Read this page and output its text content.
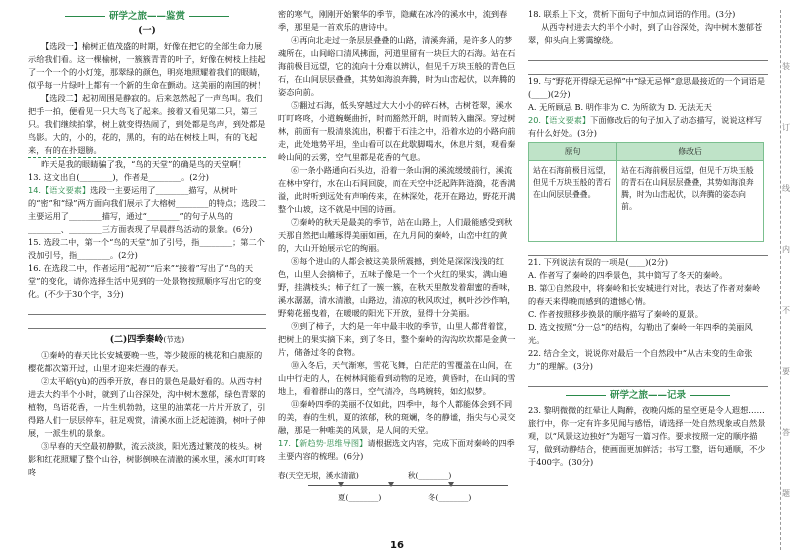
研学之旅——鉴赏
(一)

【选段一】榆树正值茂盛的时期，好像在把它的全部生命力展示给我们看。这一棵榆树，一簇簇青青的叶子，好像在树枝上挂起了一个一个的小灯笼，那翠绿的颜色，明亮地照耀着我们的眼睛，似乎每一片绿叶上都有一个新的生命在颤动。这美丽的南国的树！

【选段二】起初周围是静寂的。后来忽然起了一声鸟叫。我们把手一拍，便看见一只大鸟飞了起来。接着又看见第二只，第三只。我们继续拍掌，树上就变得热闹了，到处都是鸟声，到处都是鸟影。大的，小的，花的，黑的，有的站在树枝上叫，有的飞起来，有的在扑翅膀。

昨天是我的眼睛骗了我，“鸟的天堂”的确是鸟的天堂啊！

13. 这文出自(________)，作者是________。(2分)

14.【语文要素】选段一主要运用了________描写，从树叶的“密”和“绿”两方面向我们展示了大榕树________的特点；选段二主要运用了________描写，通过“________”的句子从鸟的________、________三方面表现了早晨群鸟活动的景象。(6分)

15. 选段二中，第一个“鸟的天堂”加了引号，指________；第二个没加引号，指________。(2分)

16. 在选段二中，作者运用“起初”“后来”“接着”写出了“鸟的天堂”的变化，请你选择生活中见到的一处景物按照顺序写出它的变化。(不少于30个字，3分)

(二)四季秦岭(节选)

①秦岭的春天比长安城要晚一些，等少陵原的桃花和白鹿原的樱花都次第开过，山里才迎来烂漫的春天。

②太平峪(yù)的西季开放，春日的景色是最好看的。从西寺村进去大约半个小时，就到了山谷深处，沟中树木葱郁，绿色青翠的植物，鸟语花香，一片生机勃勃，这里的油菜花一片片开放了，引得路人们一层层停车，驻足观赏，清溪水面上泛起涟漪，树叶子伸展，一派生机的景象。

③早春的天空最初静默，流云淡淡，阳光透过繁茂的枝头。树影和红花照耀了整个山谷，树影倒映在清澈的溪水里，溪水叮叮咚咚

密的寒气，刚刚开始繁华的季节，隐藏在冰冷的溪水中，流到春季，那里是一首欢乐的唐诗中。

④再向北走过一条层层叠叠的山路，清溪奔涌，是许多人的梦魂所在，山间峪口清风拂面，河道里留有一块巨大的石海。站在石海前极目远望，它的流向十分难以辨认，但见千万块玉般的青色巨石，在山间层层叠叠，其势如海浪奔腾，时为山峦起伏，以奔腾的姿态向前。

⑤翻过石海，低头穿越过大大小小的碎石林，古树苍翠，溪水叮叮咚咚，小道蜿蜒曲折，时而豁然开朗，时而转入幽深。穿过树林，前面有一股清泉流出，积蓄于石洼之中，沿着水边的小路向前走，此处地势平坦，坐山看可以在此歇脚喝水，休息片刻，观看秦岭山间的云雾，空气里都是花香的气息。

⑥一条小路通向石头边，沿着一条山涧的溪流缓缓前行，溪流在林中穿行，水在山石间回旋，而在天空中泛起阵阵涟漪，花香满溢，此时听到远处有声响传来，在林深处，花开在路边，野花开满整个山坡，这不就是中国的诗画。

⑦秦岭的秋天是最美的季节，站在山路上，人们最能感受到秋天那自然把山雕琢得美丽如画，在九月间的秦岭，山峦中红的黄的，大山开始展示它的绚丽。

⑧每个进山的人都会被这美景所震撼，到处是深深浅浅的红色，山里人会摘柿子，五味子像是一个一个火红的果实，满山遍野，挂满枝头；柿子红了一簇一簇，在秋天里散发着甜蜜的香味，溪水潺潺，清水清澈，山路边，清凉的秋风吹过，枫叶沙沙作响，野菊花摇曳着，在暖暖的阳光下开放，显得十分美丽。

⑨到了柿子，大约是一年中最丰收的季节，山里人都背着筐，把树上的果实摘下来，到了冬日，整个秦岭的沟沟坎坎都是金黄一片，储备过冬的食物。

⑩入冬后，天气渐寒，雪花飞舞，白茫茫的雪覆盖在山间，在山中行走的人，在树林间能看到动物的足迹，黄昏时，在山间的雪地上，看着群山的落日，空气清冷，鸟鸣婉转，如幻似梦。

⑪秦岭四季的美丽不仅如此，四季中，每个人都能体会到不同的美，春的生机，夏的浓郁，秋的斑斓，冬的静谧，指尖与心灵交融，那是一种唯美的风景，是人间的天堂。

17.【新趋势·思维导图】请根据选文内容，完成下面对秦岭的四季主要内容的梳理。(6分)

春(天空无垠，溪水清澈)	秋(________)
夏(________)	冬(________)

18. 联系上下文，赏析下面句子中加点词语的作用。(3分)

从西寺村进去大约半个小时，到了山谷深处，沟中树木葱郁苍翠，仰头向上雾霭缭绕。

19. 与“野花开得绿无忌惮”中“绿无忌惮”意思最接近的一个词语是(____)(2分)

A. 无所顾忌 B. 明作非为 C. 为所欲为 D. 无法无天

20.【语文要素】下面修改后的句子加入了动态描写，说说这样写有什么好处。(3分)

原句	修改后
站在石海前极目远望，但见千万块玉般的青石在山间层层叠叠。	站在石海前极目远望，但见千万块玉般的青石在山间层层叠叠，其势如海浪奔腾，时为山峦起伏，以奔腾的姿态向前。

21. 下列说法有误的一项是(____)(2分)

A. 作者写了秦岭的四季景色，其中简写了冬天的秦岭。

B. 第①自然段中，将秦岭和长安城进行对比，表达了作者对秦岭的春天来得晚而感到的遗憾心情。

C. 作者按照移步换景的顺序描写了秦岭的夏景。

D. 选文按照“分一总”的结构，勾勒出了秦岭一年四季的美丽风光。

22. 结合全文，说说你对最后一个自然段中“从古未变的生命张力”的理解。(3分)

研学之旅——记录

23. 黎明微微的红晕让人陶醉，夜晚闪烁的星空更是令人遐想……旅行中，你一定有许多见闻与感悟，请选择一处自然现象或自然景观，以“风景这边独好”为题写一篇习作。要求按照一定的顺序描写，做到动静结合，使画面更加鲜活；书写工整，语句通顺，不少于400字。(30分)

装
订
线
内
不
要
答
题
16
